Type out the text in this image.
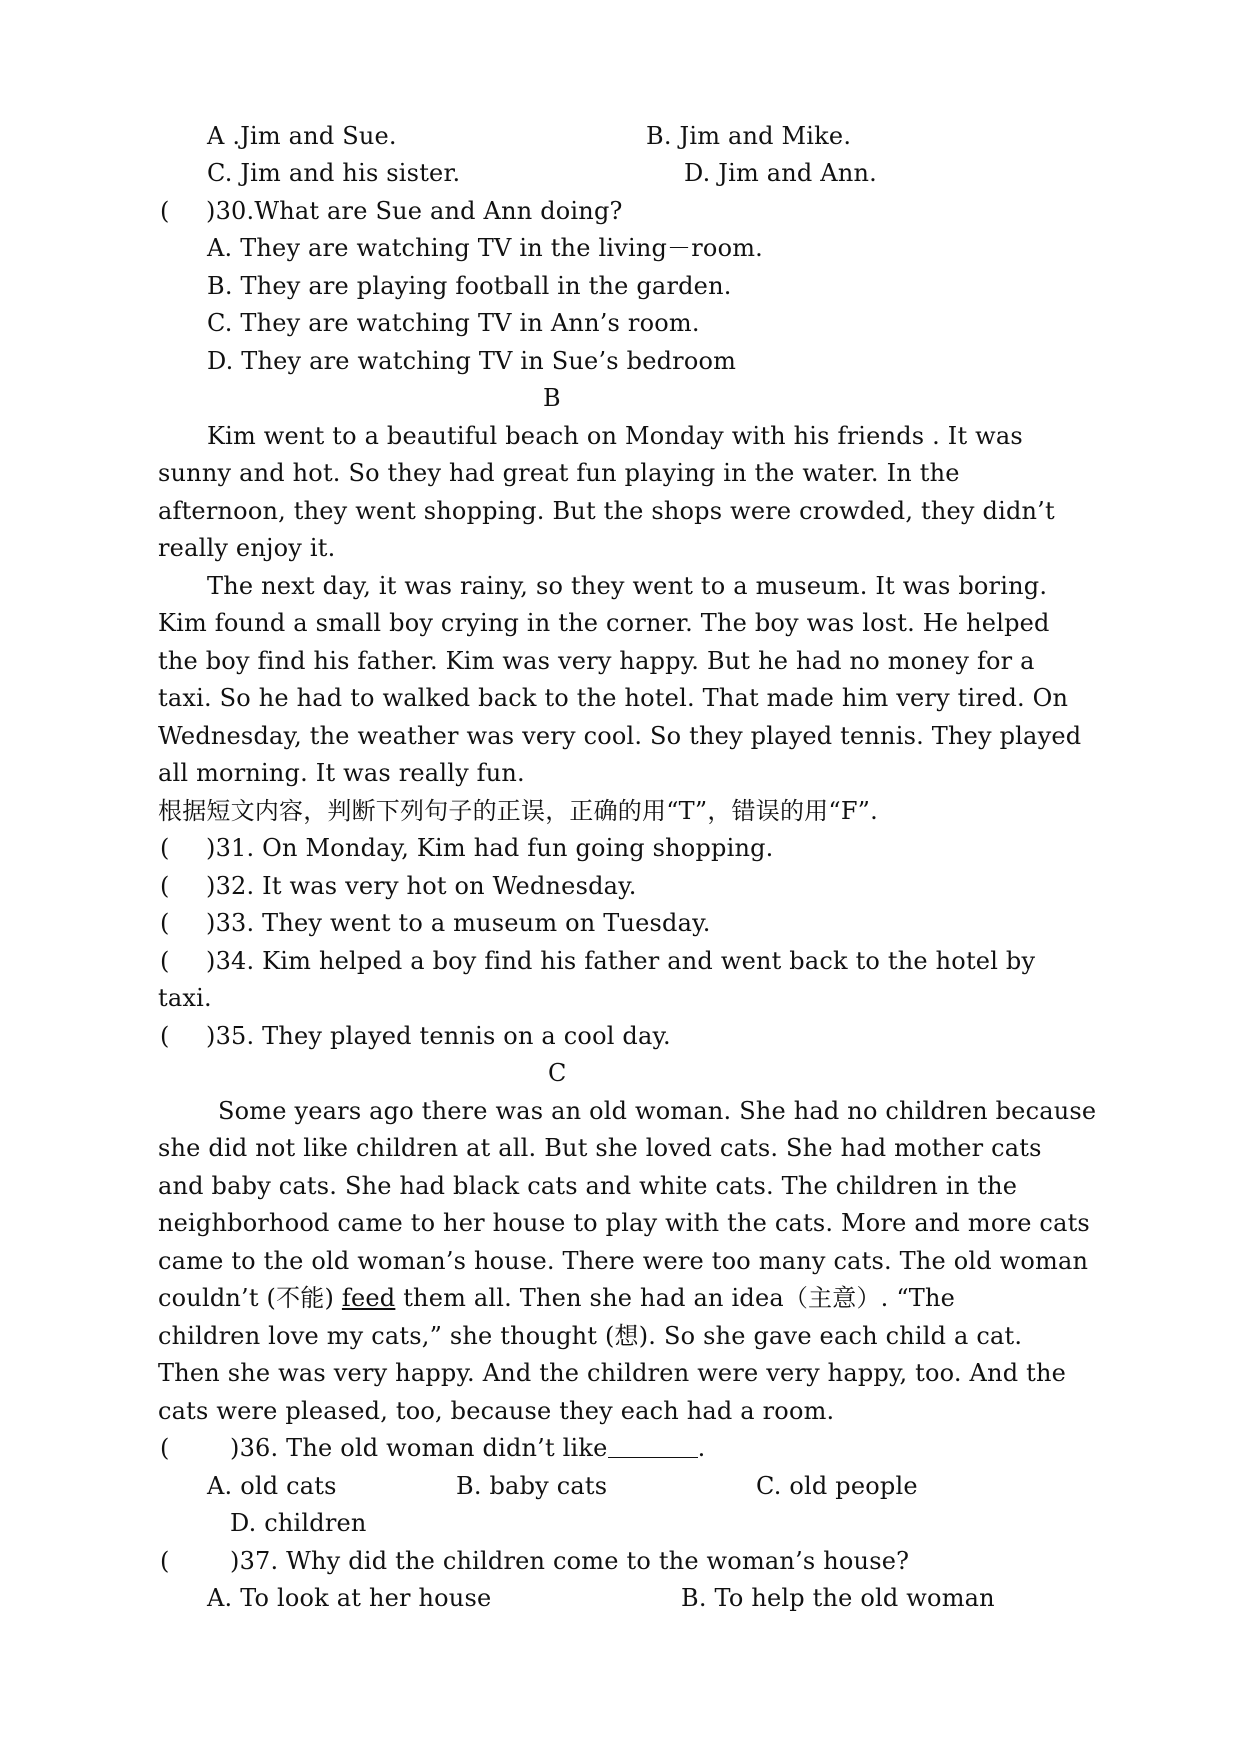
A .Jim and Sue.	B. Jim and Mike.
C. Jim and his sister.	D. Jim and Ann.
( )30.What are Sue and Ann doing?
A. They are watching TV in the living－room.
B. They are playing football in the garden.
C. They are watching TV in Ann’s room.
D. They are watching TV in Sue’s bedroom
B
Kim went to a beautiful beach on Monday with his friends . It was
sunny and hot. So they had great fun playing in the water. In the
afternoon, they went shopping. But the shops were crowded, they didn’t
really enjoy it.
The next day, it was rainy, so they went to a museum. It was boring.
Kim found a small boy crying in the corner. The boy was lost. He helped
the boy find his father. Kim was very happy. But he had no money for a
taxi. So he had to walked back to the hotel. That made him very tired. On
Wednesday, the weather was very cool. So they played tennis. They played
all morning. It was really fun.
根据短文内容，判断下列句子的正误，正确的用“T”，错误的用“F”.
( )31. On Monday, Kim had fun going shopping.
( )32. It was very hot on Wednesday.
( )33. They went to a museum on Tuesday.
( )34. Kim helped a boy find his father and went back to the hotel by
taxi.
( )35. They played tennis on a cool day.
C
Some years ago there was an old woman. She had no children because
she did not like children at all. But she loved cats. She had mother cats
and baby cats. She had black cats and white cats. The children in the
neighborhood came to her house to play with the cats. More and more cats
came to the old woman’s house. There were too many cats. The old woman
couldn’t (不能) feed them all. Then she had an idea（主意）. “The
children love my cats,” she thought (想). So she gave each child a cat.
Then she was very happy. And the children were very happy, too. And the
cats were pleased, too, because they each had a room.
(	)36. The old woman didn’t like	.
A. old cats	B. baby cats	C. old people
D. children
(	)37. Why did the children come to the woman’s house?
A. To look at her house	B. To help the old woman
